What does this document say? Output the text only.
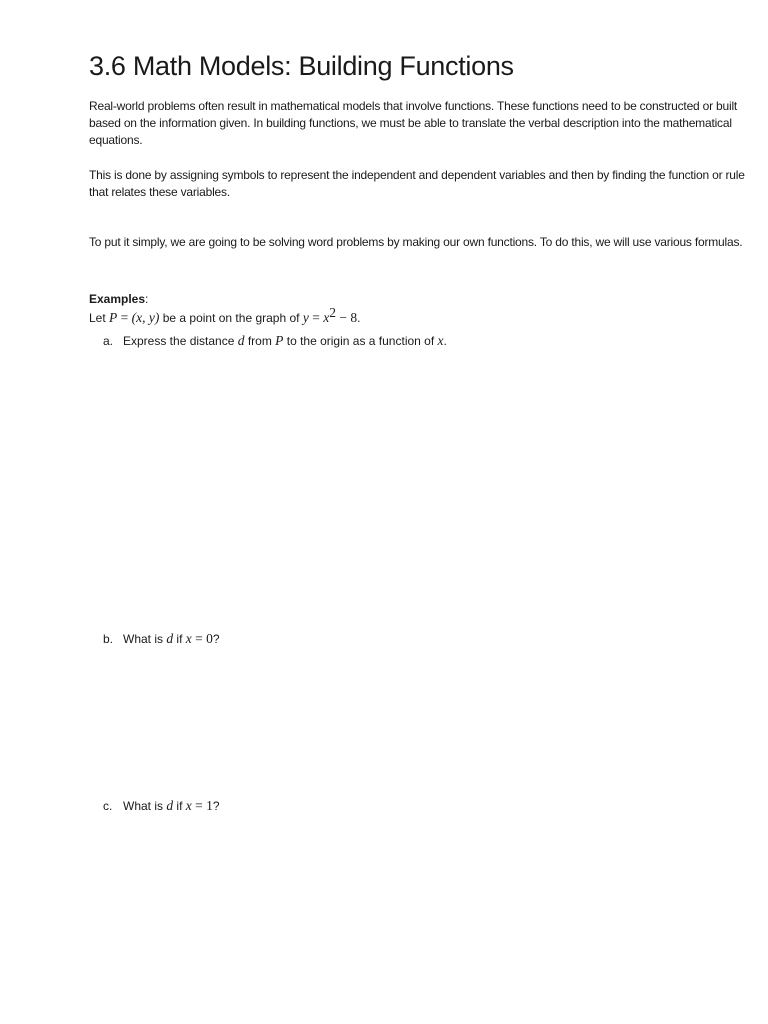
3.6 Math Models: Building Functions

Real-world problems often result in mathematical models that involve functions. These functions need to be constructed or built based on the information given. In building functions, we must be able to translate the verbal description into the mathematical equations.

This is done by assigning symbols to represent the independent and dependent variables and then by finding the function or rule that relates these variables.

To put it simply, we are going to be solving word problems by making our own functions. To do this, we will use various formulas.

Examples:

Let P = (x, y) be a point on the graph of $y = x^2 - 8$.

a. Express the distance d from P to the origin as a function of x.

b. What is d if x = 0?

c. What is d if x = 1?
